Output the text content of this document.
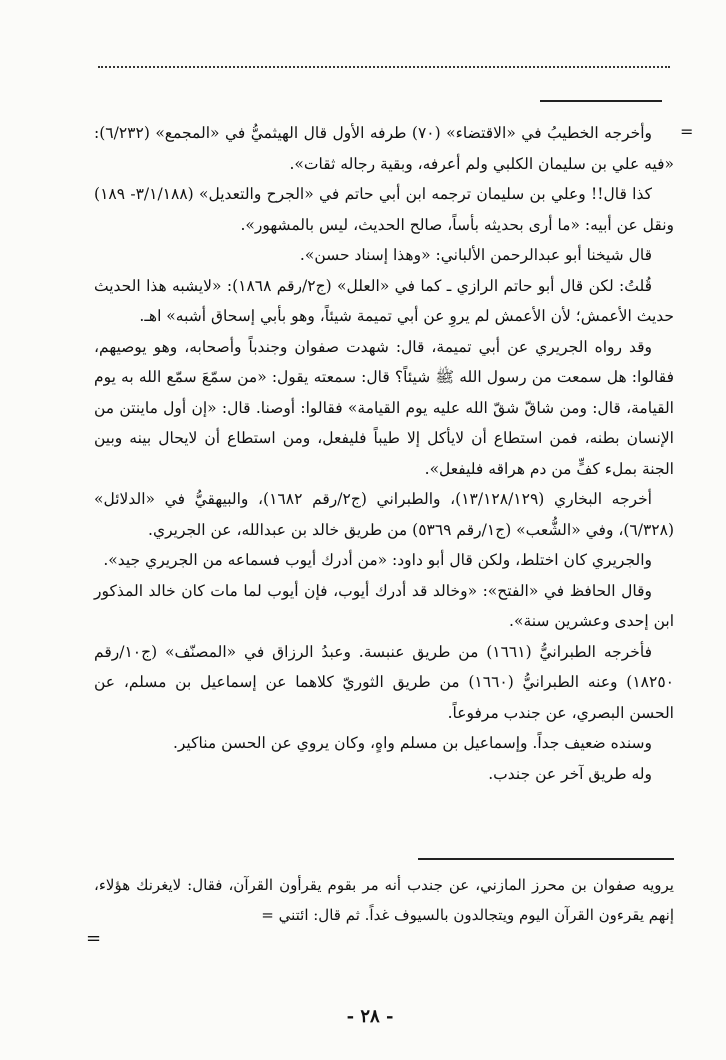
=

وأخرجه الخطيبُ في «الاقتضاء» (٧٠) طرفه الأول قال الهيثميُّ في «المجمع» (٦/٢٣٢): «فيه علي بن سليمان الكلبي ولم أعرفه، وبقية رجاله ثقات».

كذا قال!! وعلي بن سليمان ترجمه ابن أبي حاتم في «الجرح والتعديل» (٣/١/١٨٨- ١٨٩) ونقل عن أبيه: «ما أرى بحديثه بأساً، صالح الحديث، ليس بالمشهور».

قال شيخنا أبو عبدالرحمن الألباني: «وهذا إسناد حسن».

قُلتُ: لكن قال أبو حاتم الرازي ـ كما في «العلل» (ج٢/رقم ١٨٦٨): «لايشبه هذا الحديث حديث الأعمش؛ لأن الأعمش لم يروِ عن أبي تميمة شيئاً، وهو بأبي إسحاق أشبه» اهـ.

وقد رواه الجريري عن أبي تميمة، قال: شهدت صفوان وجندباً وأصحابه، وهو يوصيهم، فقالوا: هل سمعت من رسول الله ﷺ شيئاً؟ قال: سمعته يقول: «من سمّعَ سمّع الله به يوم القيامة، قال: ومن شاقّ شقّ الله عليه يوم القيامة» فقالوا: أوصنا. قال: «إن أول ماينتن من الإنسان بطنه، فمن استطاع أن لايأكل إلا طيباً فليفعل، ومن استطاع أن لايحال بينه وبين الجنة بملء كفٍّ من دم هراقه فليفعل».

أخرجه البخاري (١٣/١٢٨/١٢٩)، والطبراني (ج٢/رقم ١٦٨٢)، والبيهقيُّ في «الدلائل» (٦/٣٢٨)، وفي «الشُّعب» (ج١/رقم ٥٣٦٩) من طريق خالد بن عبدالله، عن الجريري.

والجريري كان اختلط، ولكن قال أبو داود: «من أدرك أيوب فسماعه من الجريري جيد».

وقال الحافظ في «الفتح»: «وخالد قد أدرك أيوب، فإن أيوب لما مات كان خالد المذكور ابن إحدى وعشرين سنة».

فأخرجه الطبرانيُّ (١٦٦١) من طريق عنبسة. وعبدُ الرزاق في «المصنّف» (ج١٠/رقم ١٨٢٥٠) وعنه الطبرانيُّ (١٦٦٠) من طريق الثوريّ كلاهما عن إسماعيل بن مسلم، عن الحسن البصري، عن جندب مرفوعاً.

وسنده ضعيف جداً. وإسماعيل بن مسلم واهٍ، وكان يروي عن الحسن مناكير.

وله طريق آخر عن جندب.

يرويه صفوان بن محرز المازني، عن جندب أنه مر بقوم يقرأون القرآن، فقال: لايغرنك هؤلاء، إنهم يقرءون القرآن اليوم ويتجالدون بالسيوف غداً. ثم قال: ائتني =
=
- ٢٨ -
